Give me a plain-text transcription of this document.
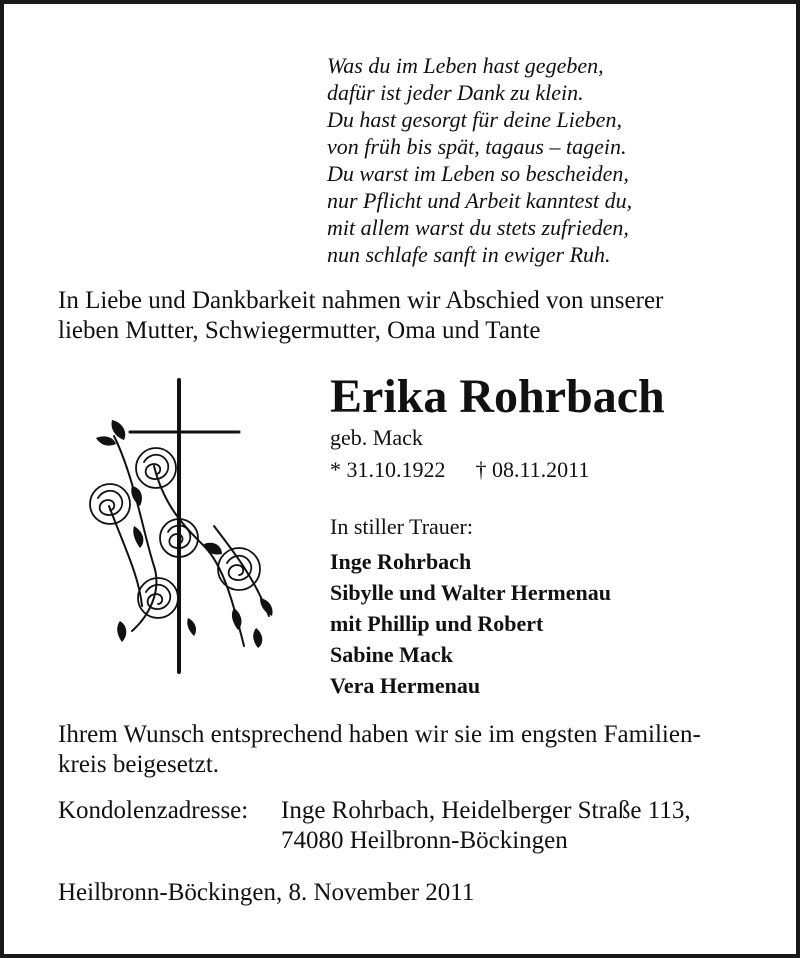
Was du im Leben hast gegeben,
dafür ist jeder Dank zu klein.
Du hast gesorgt für deine Lieben,
von früh bis spät, tagaus – tagein.
Du warst im Leben so bescheiden,
nur Pflicht und Arbeit kanntest du,
mit allem warst du stets zufrieden,
nun schlafe sanft in ewiger Ruh.
In Liebe und Dankbarkeit nahmen wir Abschied von unserer
lieben Mutter, Schwiegermutter, Oma und Tante
Erika Rohrbach
geb. Mack
* 31.10.1922 † 08.11.2011
In stiller Trauer:
Inge Rohrbach
Sibylle und Walter Hermenau
mit Phillip und Robert
Sabine Mack
Vera Hermenau
Ihrem Wunsch entsprechend haben wir sie im engsten Familien-
kreis beigesetzt.
Kondolenzadresse: Inge Rohrbach, Heidelberger Straße 113,
74080 Heilbronn-Böckingen
Heilbronn-Böckingen, 8. November 2011
